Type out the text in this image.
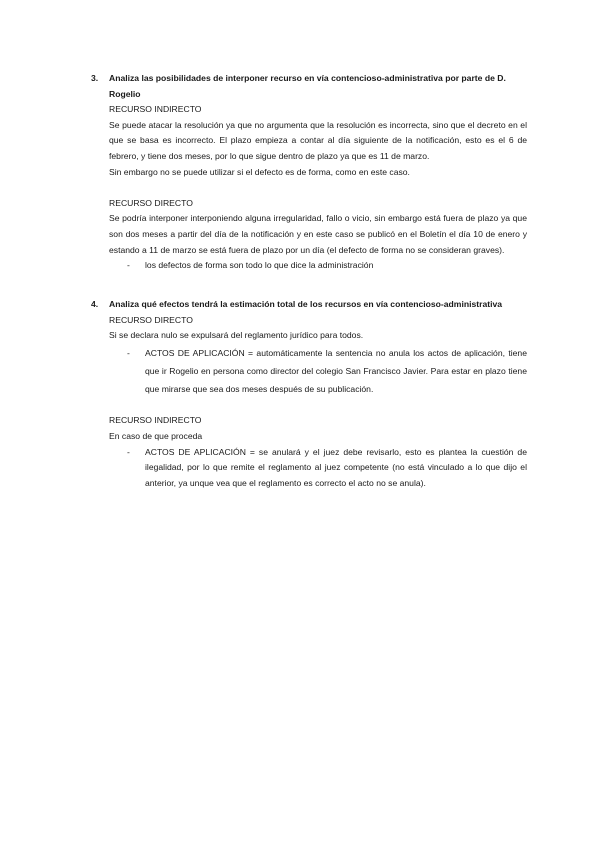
3. Analiza las posibilidades de interponer recurso en vía contencioso-administrativa por parte de D. Rogelio
RECURSO INDIRECTO
Se puede atacar la resolución ya que no argumenta que la resolución es incorrecta, sino que el decreto en el que se basa es incorrecto. El plazo empieza a contar al día siguiente de la notificación, esto es el 6 de febrero, y tiene dos meses, por lo que sigue dentro de plazo ya que es 11 de marzo.
Sin embargo no se puede utilizar si el defecto es de forma, como en este caso.
RECURSO DIRECTO
Se podría interponer interponiendo alguna irregularidad, fallo o vicio, sin embargo está fuera de plazo ya que son dos meses a partir del día de la notificación y en este caso se publicó en el Boletín el día 10 de enero y estando a 11 de marzo se está fuera de plazo por un día (el defecto de forma no se consideran graves).
- los defectos de forma son todo lo que dice la administración
4. Analiza qué efectos tendrá la estimación total de los recursos en vía contencioso-administrativa
RECURSO DIRECTO
Si se declara nulo se expulsará del reglamento jurídico para todos.
- ACTOS DE APLICACIÓN = automáticamente la sentencia no anula los actos de aplicación, tiene que ir Rogelio en persona como director del colegio San Francisco Javier. Para estar en plazo tiene que mirarse que sea dos meses después de su publicación.
RECURSO INDIRECTO
En caso de que proceda
- ACTOS DE APLICACIÓN = se anulará y el juez debe revisarlo, esto es plantea la cuestión de ilegalidad, por lo que remite el reglamento al juez competente (no está vinculado a lo que dijo el anterior, ya unque vea que el reglamento es correcto el acto no se anula).
